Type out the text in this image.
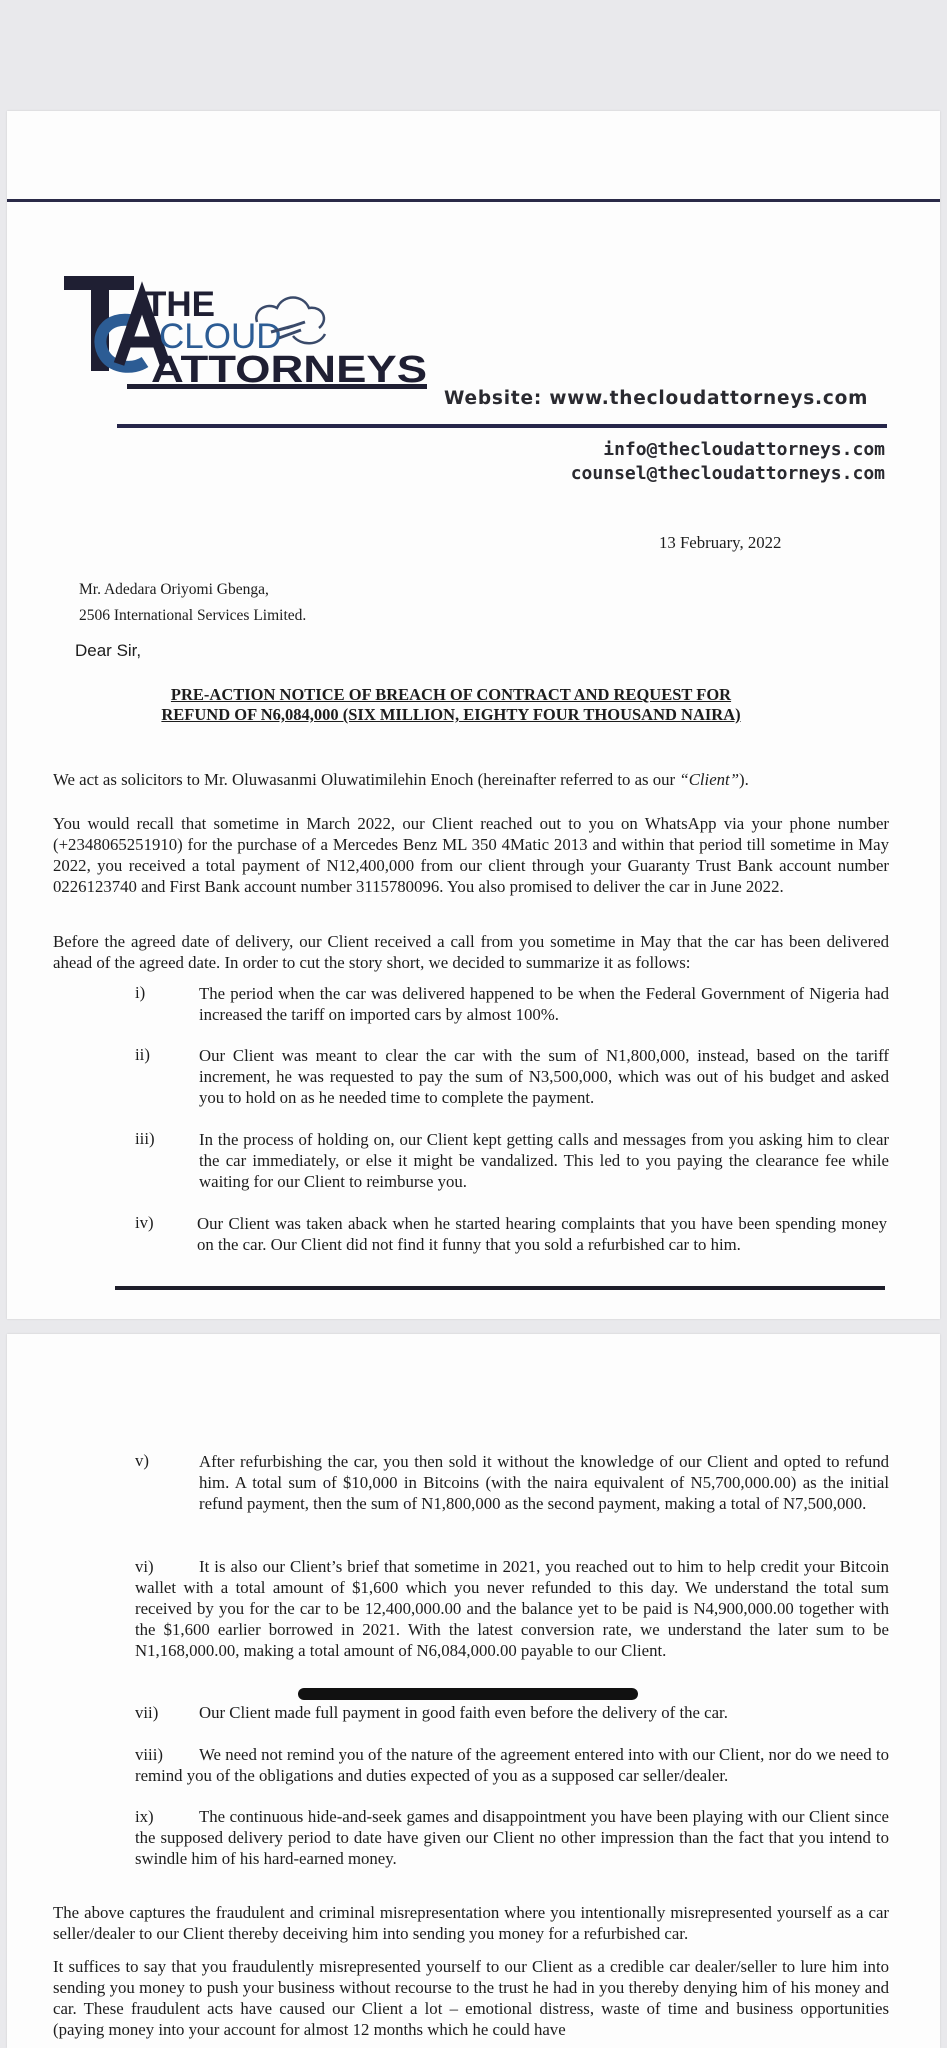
THE
CLOUD
ATTORNEYS
Website: www.thecloudattorneys.com
info@thecloudattorneys.com
counsel@thecloudattorneys.com
13 February, 2022
Mr. Adedara Oriyomi Gbenga,
2506 International Services Limited.
Dear Sir,
PRE-ACTION NOTICE OF BREACH OF CONTRACT AND REQUEST FOR
REFUND OF N6,084,000 (SIX MILLION, EIGHTY FOUR THOUSAND NAIRA)
We act as solicitors to Mr. Oluwasanmi Oluwatimilehin Enoch (hereinafter referred to as our “Client”).
You would recall that sometime in March 2022, our Client reached out to you on WhatsApp via your phone number (+2348065251910) for the purchase of a Mercedes Benz ML 350 4Matic 2013 and within that period till sometime in May 2022, you received a total payment of N12,400,000 from our client through your Guaranty Trust Bank account number 0226123740 and First Bank account number 3115780096. You also promised to deliver the car in June 2022.
Before the agreed date of delivery, our Client received a call from you sometime in May that the car has been delivered ahead of the agreed date. In order to cut the story short, we decided to summarize it as follows:
i)	The period when the car was delivered happened to be when the Federal Government of Nigeria had increased the tariff on imported cars by almost 100%.
ii)	Our Client was meant to clear the car with the sum of N1,800,000, instead, based on the tariff increment, he was requested to pay the sum of N3,500,000, which was out of his budget and asked you to hold on as he needed time to complete the payment.
iii)	In the process of holding on, our Client kept getting calls and messages from you asking him to clear the car immediately, or else it might be vandalized. This led to you paying the clearance fee while waiting for our Client to reimburse you.
iv)	Our Client was taken aback when he started hearing complaints that you have been spending money on the car. Our Client did not find it funny that you sold a refurbished car to him.
v)	After refurbishing the car, you then sold it without the knowledge of our Client and opted to refund him. A total sum of $10,000 in Bitcoins (with the naira equivalent of N5,700,000.00) as the initial refund payment, then the sum of N1,800,000 as the second payment, making a total of N7,500,000.
vi)	It is also our Client’s brief that sometime in 2021, you reached out to him to help credit your Bitcoin wallet with a total amount of $1,600 which you never refunded to this day. We understand the total sum received by you for the car to be 12,400,000.00 and the balance yet to be paid is N4,900,000.00 together with the $1,600 earlier borrowed in 2021. With the latest conversion rate, we understand the later sum to be N1,168,000.00, making a total amount of N6,084,000.00 payable to our Client.
vii) Our Client made full payment in good faith even before the delivery of the car.
viii) We need not remind you of the nature of the agreement entered into with our Client, nor do we need to remind you of the obligations and duties expected of you as a supposed car seller/dealer.
ix)	The continuous hide-and-seek games and disappointment you have been playing with our Client since the supposed delivery period to date have given our Client no other impression than the fact that you intend to swindle him of his hard-earned money.
The above captures the fraudulent and criminal misrepresentation where you intentionally misrepresented yourself as a car seller/dealer to our Client thereby deceiving him into sending you money for a refurbished car.
It suffices to say that you fraudulently misrepresented yourself to our Client as a credible car dealer/seller to lure him into sending you money to push your business without recourse to the trust he had in you thereby denying him of his money and car. These fraudulent acts have caused our Client a lot – emotional distress, waste of time and business opportunities (paying money into your account for almost 12 months which he could have
